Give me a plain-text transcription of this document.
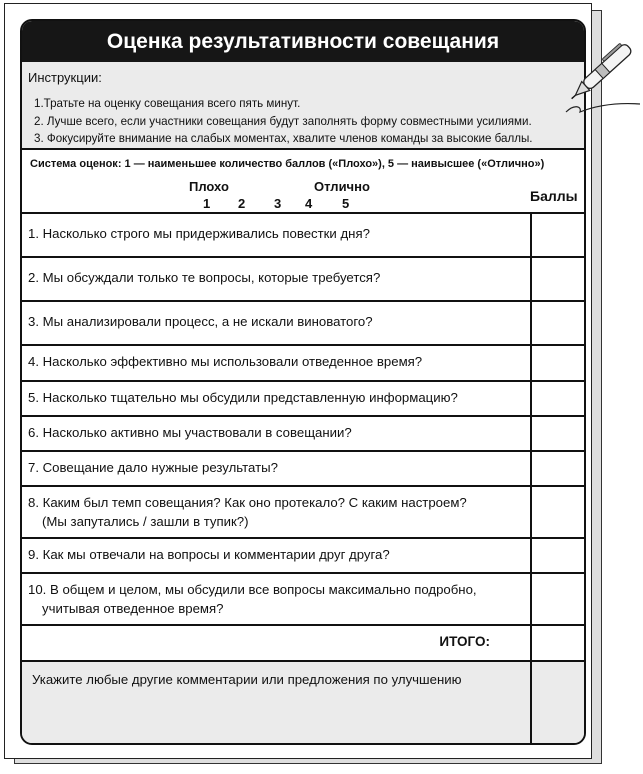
Оценка результативности совещания
Инструкции:
1.Тратьте на оценку совещания всего пять минут.
2. Лучше всего, если участники совещания будут заполнять форму совместными усилиями.
3. Фокусируйте внимание на слабых моментах, хвалите членов команды за высокие баллы.
Система оценок: 1 — наименьшее количество баллов («Плохо»), 5 — наивысшее («Отлично»)
Плохо	Отлично
1 2 3 4 5	Баллы
1. Насколько строго мы придерживались повестки дня?
2. Мы обсуждали только те вопросы, которые требуется?
3. Мы анализировали процесс, а не искали виноватого?
4. Насколько эффективно мы использовали отведенное время?
5. Насколько тщательно мы обсудили представленную информацию?
6. Насколько активно мы участвовали в совещании?
7. Совещание дало нужные результаты?
8. Каким был темп совещания? Как оно протекало? С каким настроем?
(Мы запутались / зашли в тупик?)
9. Как мы отвечали на вопросы и комментарии друг друга?
10. В общем и целом, мы обсудили все вопросы максимально подробно,
учитывая отведенное время?
ИТОГО:
Укажите любые другие комментарии или предложения по улучшению
